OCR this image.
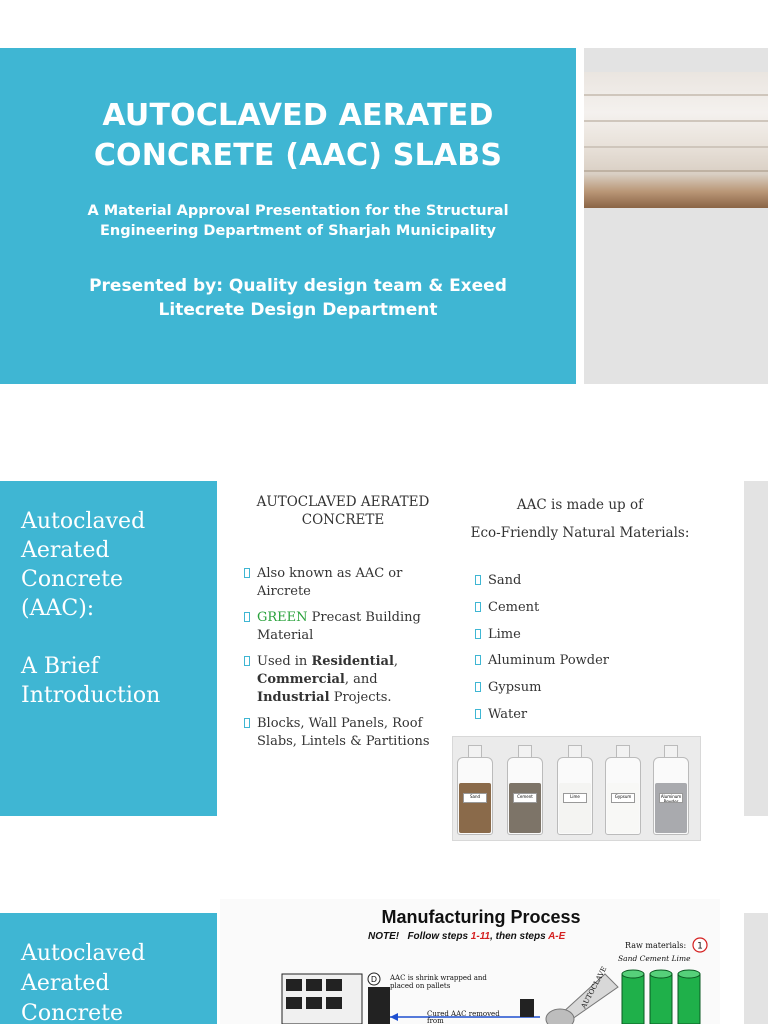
AUTOCLAVED AERATED
CONCRETE (AAC) SLABS
A Material Approval Presentation for the Structural
Engineering Department of Sharjah Municipality
Presented by: Quality design team & Exeed
Litecrete Design Department
Autoclaved
Aerated
Concrete
(AAC):
A Brief
Introduction
AUTOCLAVED AERATED
CONCRETE
Also known as AAC or Aircrete
GREEN Precast Building Material
Used in Residential, Commercial, and Industrial Projects.
Blocks, Wall Panels, Roof Slabs, Lintels & Partitions
AAC is made up of
Eco-Friendly Natural Materials:
Sand
Cement
Lime
Aluminum Powder
Gypsum
Water
Sand	Cement	Lime	Gypsum	Aluminum Powder
Autoclaved
Aerated
Concrete
Manufacturing Process
NOTE! Follow steps 1-11, then steps A-E
Raw materials:
Sand Cement Lime
1
AUTOCLAVE
D AAC is shrink wrapped and placed on pallets
Cured AAC removed from
